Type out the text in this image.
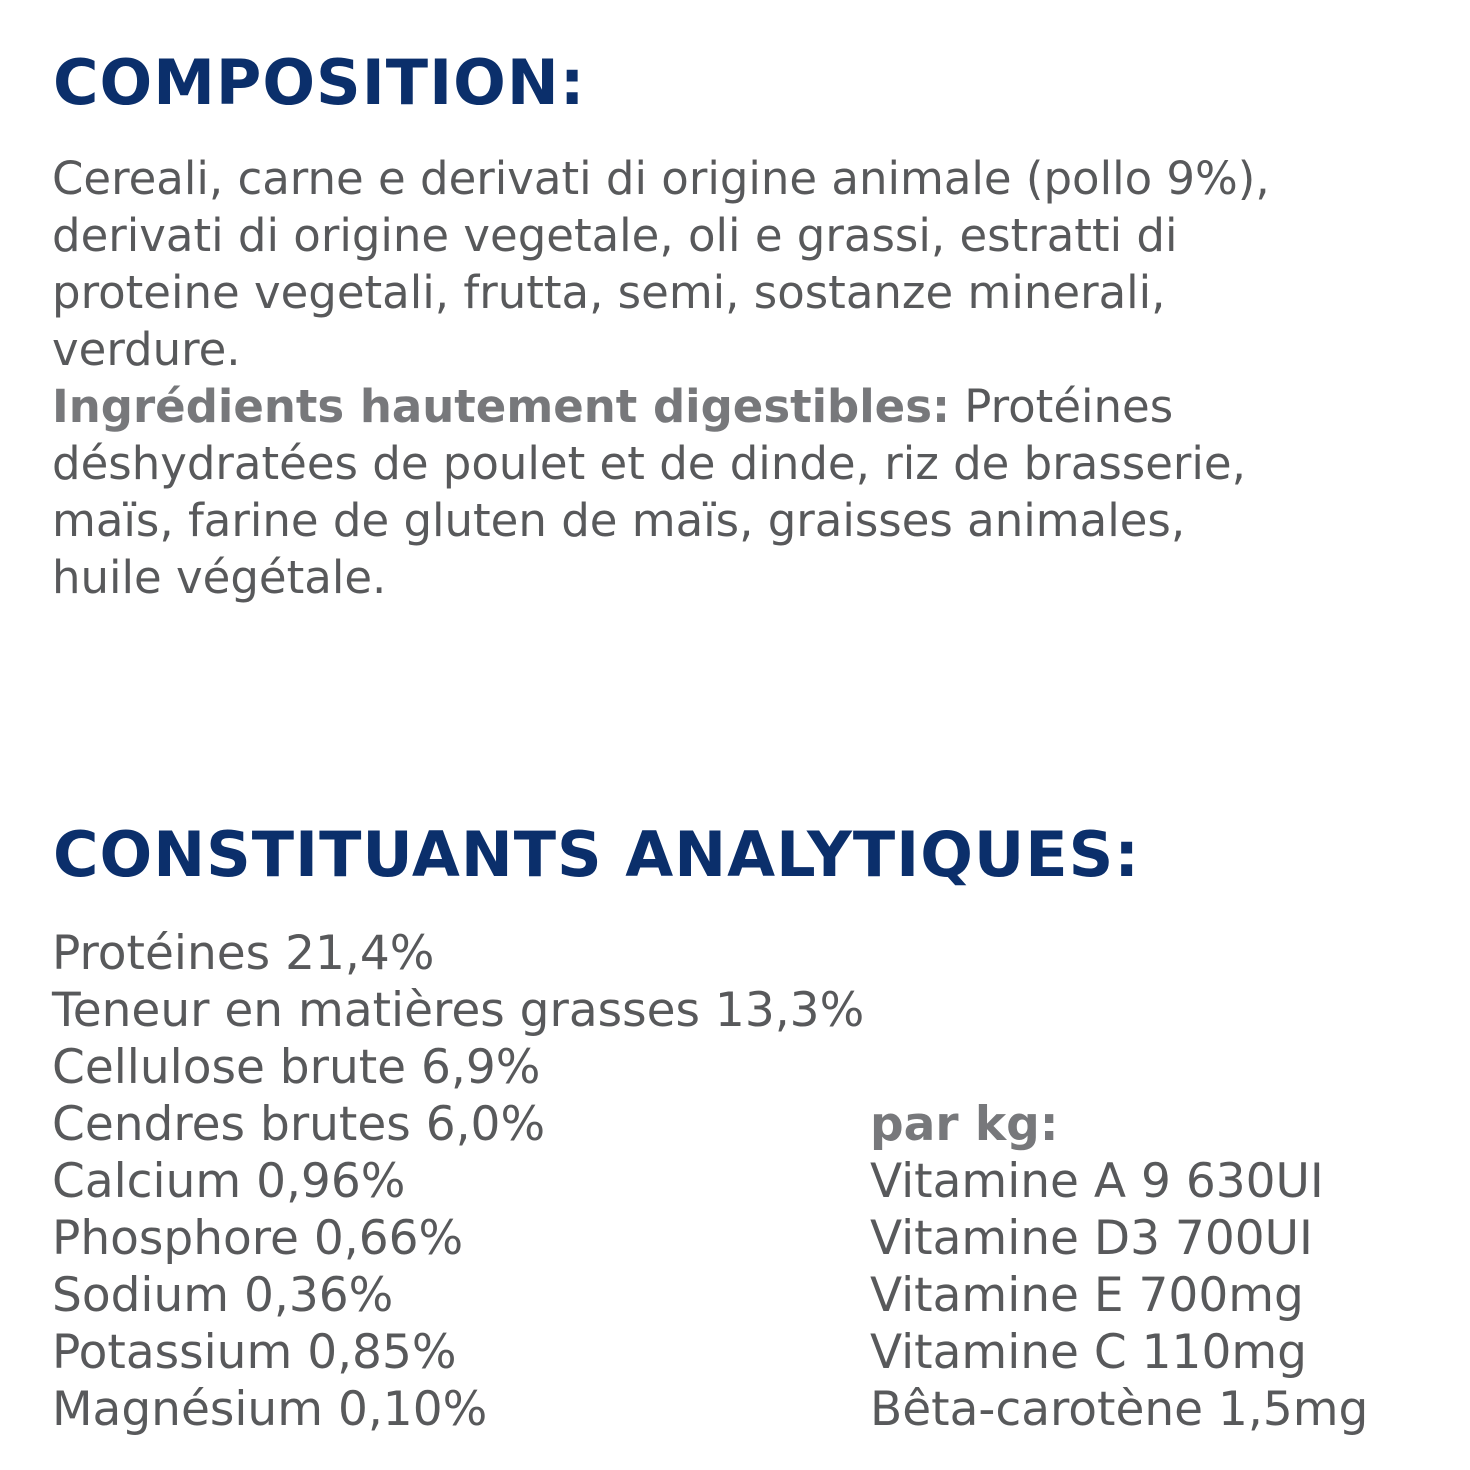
COMPOSITION:

Cereali, carne e derivati di origine animale (pollo 9%),
derivati di origine vegetale, oli e grassi, estratti di
proteine vegetali, frutta, semi, sostanze minerali,
verdure.
Ingrédients hautement digestibles: Protéines
déshydratées de poulet et de dinde, riz de brasserie,
maïs, farine de gluten de maïs, graisses animales,
huile végétale.

CONSTITUANTS ANALYTIQUES:
Protéines 21,4%
Teneur en matières grasses 13,3%
Cellulose brute 6,9%
Cendres brutes 6,0%
Calcium 0,96%
Phosphore 0,66%
Sodium 0,36%
Potassium 0,85%
Magnésium 0,10%
par kg:
Vitamine A 9 630UI
Vitamine D3 700UI
Vitamine E 700mg
Vitamine C 110mg
Bêta-carotène 1,5mg
